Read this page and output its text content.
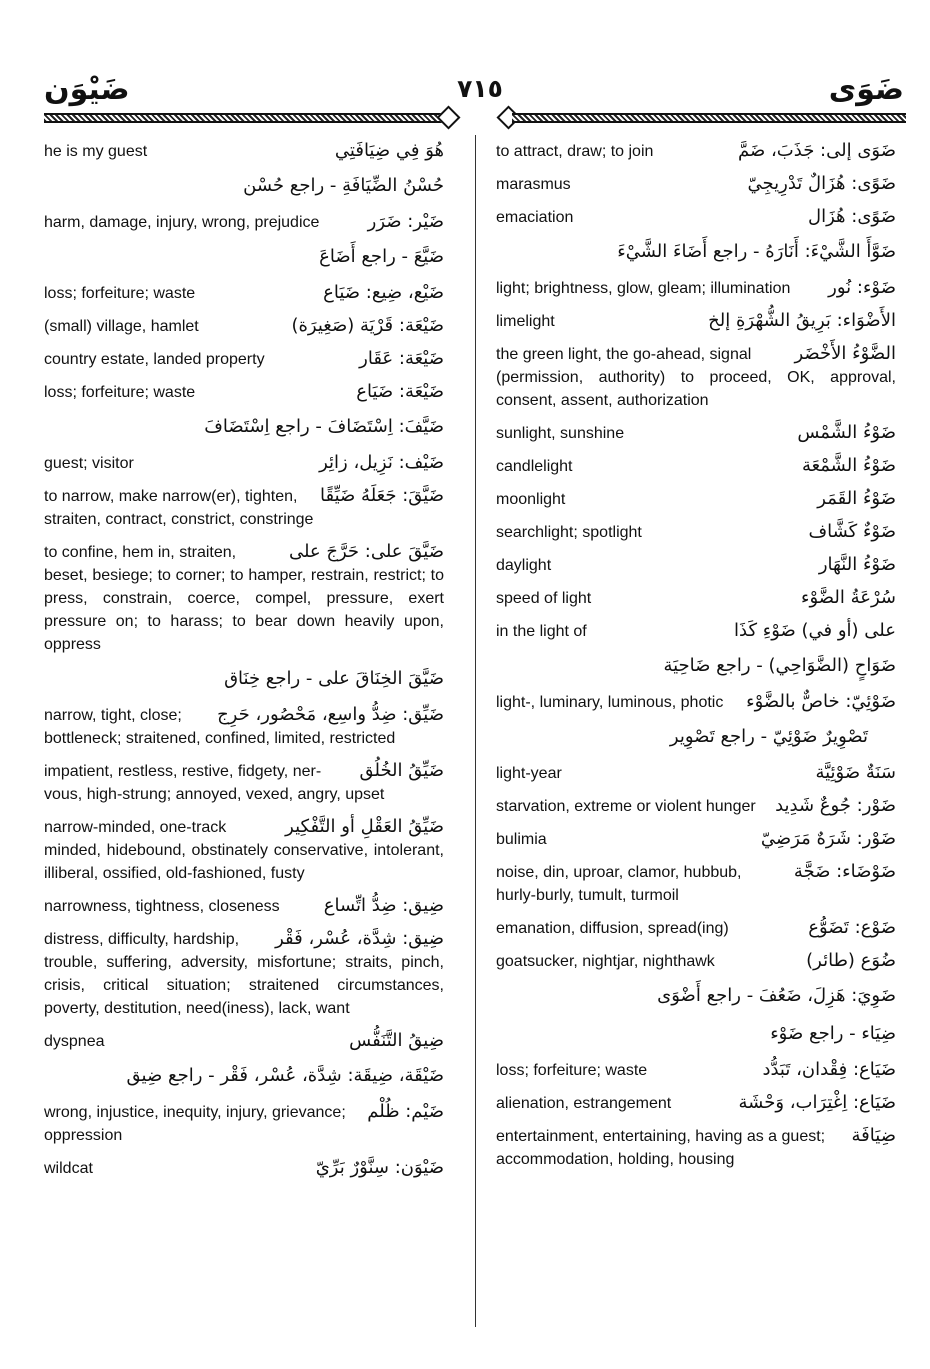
ضَيْوَن	٧١٥	ضَوَى
he is my guest	هُوَ فِي ضِيَافَتِي
حُسْنُ الضِّيَافَةِ - راجع حُسْن
harm, damage, injury, wrong, prejudice	ضَيْر: ضَرَر
ضَيَّعَ - راجع أَضَاعَ
loss; forfeiture; waste	ضَيْع، ضِيع: ضَيَاع
(small) village, hamlet	ضَيْعَة: قَرْيَة (صَغِيرَة)
country estate, landed property	ضَيْعَة: عَقَار
loss; forfeiture; waste	ضَيْعَة: ضَيَاع
ضَيَّفَ: اِسْتَضَافَ - راجع اِسْتَضَافَ
guest; visitor	ضَيْف: نَزِيل، زائِر
to narrow, make narrow(er), tighten, ضَيَّقَ: جَعَلَهُ ضَيِّقًا
straiten, contract, constrict, constringe
to confine, hem in, straiten,	ضَيَّقَ على: حَرَّجَ على
beset, besiege; to corner; to hamper, restrain, restrict; to press, constrain, coerce, compel, pressure, exert pressure on; to harass; to bear down heavily upon, oppress
ضَيَّقَ الخِنَاقَ على - راجع خِنَاق
narrow, tight, close; ضَيِّق: ضِدُّ واسِع، مَحْصُور، حَرِج
bottleneck; straitened, confined, limited, restricted
impatient, restless, restive, fidgety, ner- ضَيِّقُ الخُلُق
vous, high-strung; annoyed, vexed, angry, upset
narrow-minded, one-track	ضَيِّقُ العَقْلِ أو التَّفْكِير
minded, hidebound, obstinately conservative, intolerant, illiberal, ossified, old-fashioned, fusty
narrowness, tightness, closeness ضِيق: ضِدُّ اتِّساع
distress, difficulty, hardship, ضِيق: شِدَّة، عُسْر، فَقْر
trouble, suffering, adversity, misfortune; straits, pinch, crisis, critical situation; straitened circumstances, poverty, destitution, need(iness), lack, want
dyspnea	ضِيقُ التَّنَفُّس
ضَيْقَة، ضِيقَة: شِدَّة، عُسْر، فَقْر - راجع ضِيق
wrong, injustice, inequity, injury, grievance; ضَيْم: ظُلْم
oppression
wildcat	ضَيْوَن: سِنَّوْرٌ بَرِّيّ
to attract, draw; to join	ضَوَى إلى: جَذَبَ، ضَمَّ
marasmus	ضَوًى: هُزَالٌ تَدْرِيجِيّ
emaciation	ضَوًى: هُزَال
ضَوَّأَ الشَّيْءَ: أَنَارَهُ - راجع أَضَاءَ الشَّيْءَ
light; brightness, glow, gleam; illumination ضَوْء: نُور
limelight	الأَضْوَاء: بَرِيقُ الشُّهْرَةِ إلخ
the green light, the go-ahead, signal الضَّوْءُ الأَخْضَر
(permission, authority) to proceed, OK, approval, consent, assent, authorization
sunlight, sunshine	ضَوْءُ الشَّمْس
candlelight	ضَوْءُ الشَّمْعَة
moonlight	ضَوْءُ القَمَر
searchlight; spotlight	ضَوْءٌ كَشَّاف
daylight	ضَوْءُ النَّهَار
speed of light	سُرْعَةُ الضَّوْء
in the light of	على (أو في) ضَوْءِ كَذَا
ضَوَاحٍ (الضَّوَاحِي) - راجع ضَاحِيَة
light-, luminary, luminous, photic ضَوْئِيّ: خاصٌّ بالضَّوْء
تَصْوِيرٌ ضَوْئِيّ - راجع تَصْوِير
light-year	سَنَةٌ ضَوْئِيَّة
starvation, extreme or violent hunger ضَوْر: جُوعٌ شَدِيد
bulimia	ضَوْر: شَرَهٌ مَرَضِيّ
noise, din, uproar, clamor, hubbub,	ضَوْضَاء: ضَجَّة
hurly-burly, tumult, turmoil
emanation, diffusion, spread(ing)	ضَوْع: تَضَوُّع
goatsucker, nightjar, nighthawk	ضُوَع (طائر)
ضَوِيَ: هَزِلَ، ضَعُفَ - راجع أَضْوَى
ضِيَاء - راجع ضَوْء
loss; forfeiture; waste	ضَيَاع: فِقْدان، تَبَدُّد
alienation, estrangement	ضَيَاع: اِغْتِرَاب، وَحْشَة
entertainment, entertaining, having as a guest; ضِيَافَة
accommodation, holding, housing
